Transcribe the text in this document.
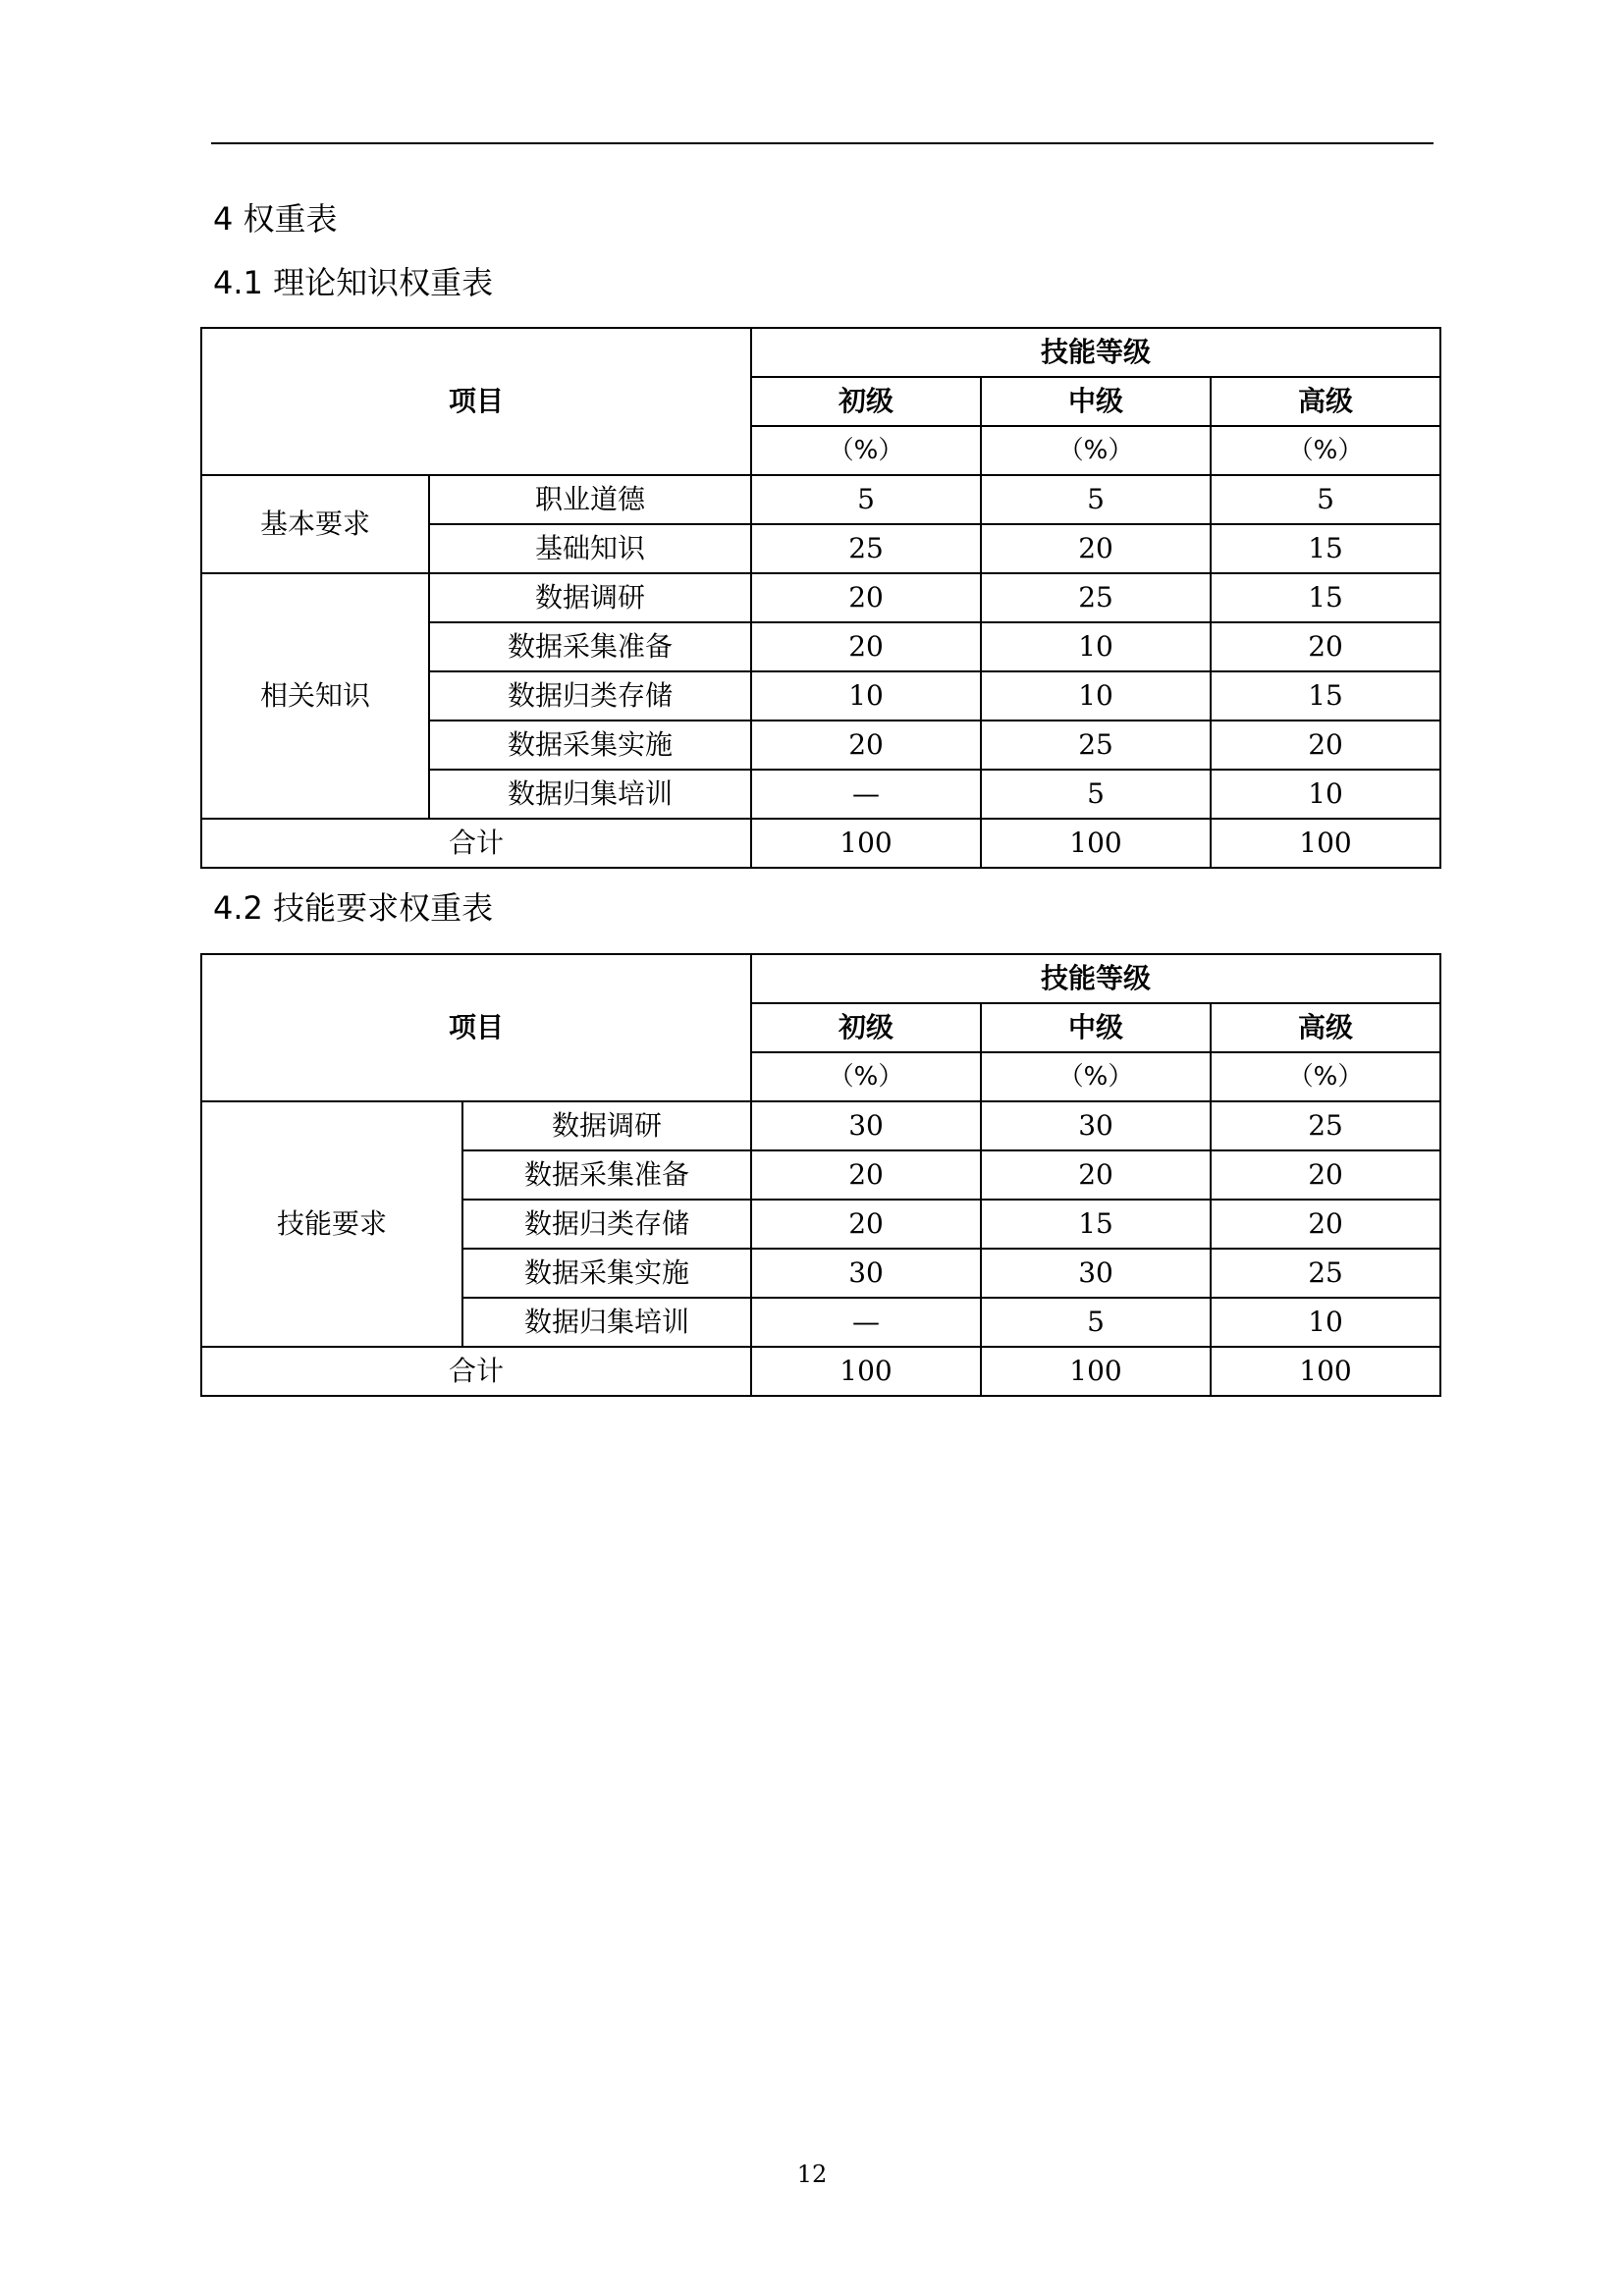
4 权重表
4.1 理论知识权重表
项目		技能等级		
		初级	中级	高级
		（%）	（%）	（%）
基本要求	职业道德	5	5	5
	基础知识	25	20	15
相关知识	数据调研	20	25	15
	数据采集准备	20	10	20
	数据归类存储	10	10	15
	数据采集实施	20	25	20
	数据归集培训	—	5	10
合计		100	100	100
4.2 技能要求权重表
项目		技能等级		
		初级	中级	高级
		（%）	（%）	（%）
技能要求	数据调研	30	30	25
	数据采集准备	20	20	20
	数据归类存储	20	15	20
	数据采集实施	30	30	25
	数据归集培训	—	5	10
合计		100	100	100
12
